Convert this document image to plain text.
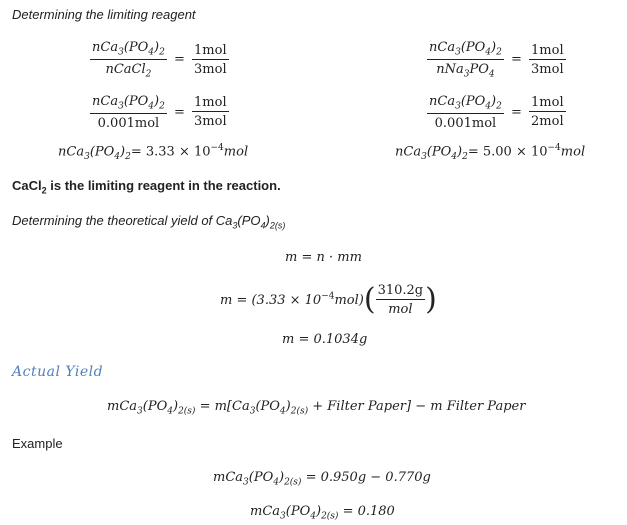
Determining the limiting reagent
$\frac{nCa_3(PO_4)_2}{nCaCl_2} = \frac{\text{1mol}}{\text{3mol}}$
$\frac{nCa_3(PO_4)_2}{\text{0.001mol}} = \frac{\text{1mol}}{\text{3mol}}$
$nCa_3(PO_4)_2= 3.33 \times 10^{-4}mol$
$\frac{nCa_3(PO_4)_2}{nNa_3PO_4} = \frac{\text{1mol}}{\text{3mol}}$
$\frac{nCa_3(PO_4)_2}{\text{0.001mol}} = \frac{\text{1mol}}{\text{2mol}}$
$nCa_3(PO_4)_2= 5.00 \times 10^{-4}mol$
CaCl$_2$ is the limiting reagent in the reaction.
Determining the theoretical yield of $Ca_3(PO_4)_{2(s)}$
m = n · mm
$m = (3.33 \times 10^{-4}mol)( \frac{310.2g}{\text{mol}}$ )
m = 0.1034g
Actual Yield
$mCa_3(PO_4)_{2(s)} = m[Ca_3(PO_4)_{2(s)}$ + Filter Paper] − m Filter Paper
Example
$mCa_3(PO_4)_{2(s)} = 0.950g - 0.770g$
$mCa_3(PO_4)_{2(s)} = 0.180$
